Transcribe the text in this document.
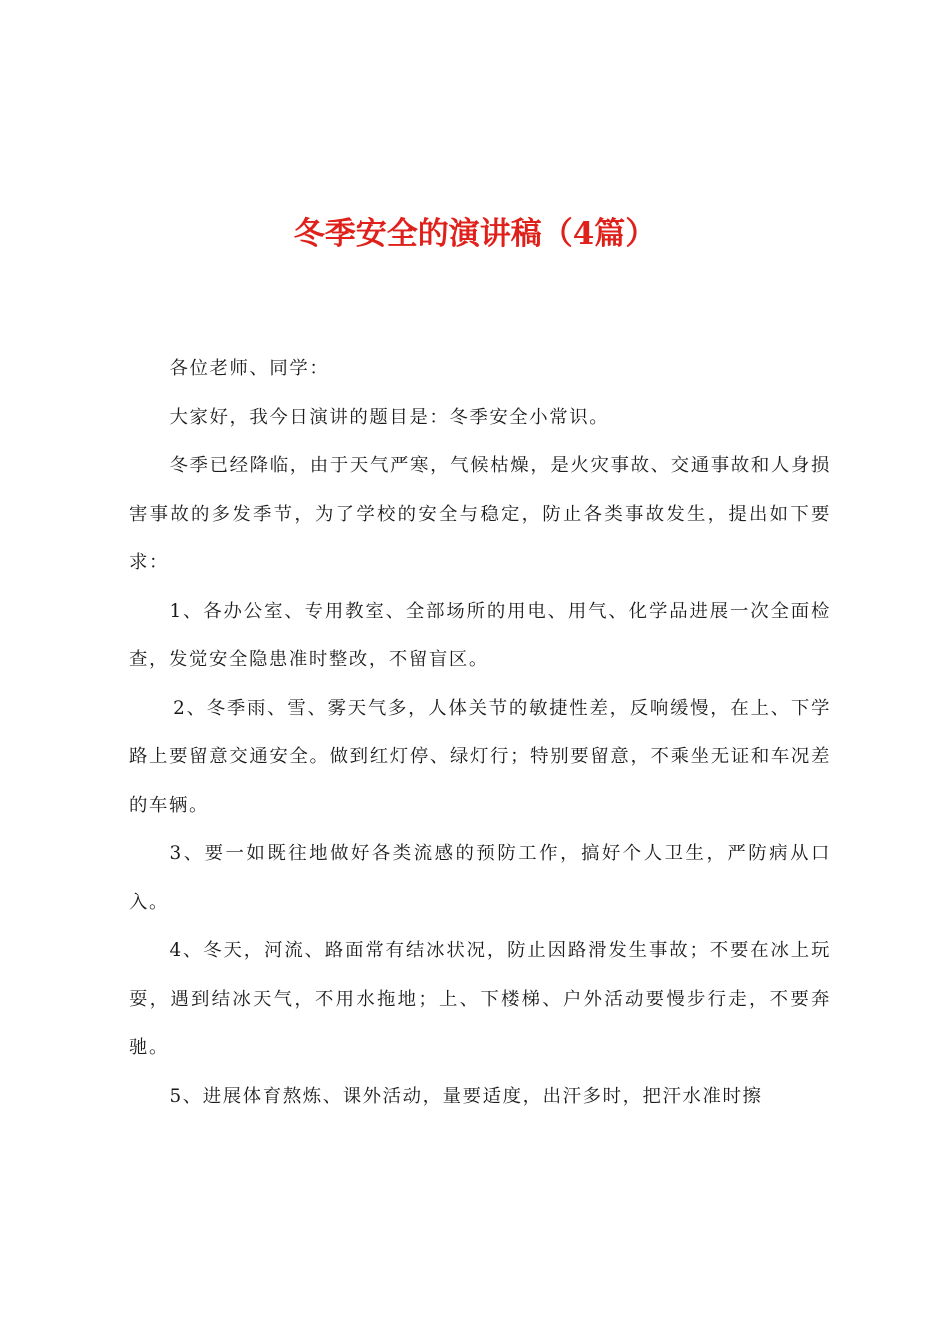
冬季安全的演讲稿（4篇）

各位老师、同学：

大家好，我今日演讲的题目是：冬季安全小常识。

冬季已经降临，由于天气严寒，气候枯燥，是火灾事故、交通事故和人身损害事故的多发季节，为了学校的安全与稳定，防止各类事故发生，提出如下要求：

1、各办公室、专用教室、全部场所的用电、用气、化学品进展一次全面检查，发觉安全隐患准时整改，不留盲区。

2、冬季雨、雪、雾天气多，人体关节的敏捷性差，反响缓慢，在上、下学路上要留意交通安全。做到红灯停、绿灯行；特别要留意，不乘坐无证和车况差的车辆。

3、要一如既往地做好各类流感的预防工作，搞好个人卫生，严防病从口入。

4、冬天，河流、路面常有结冰状况，防止因路滑发生事故；不要在冰上玩耍，遇到结冰天气，不用水拖地；上、下楼梯、户外活动要慢步行走，不要奔驰。

5、进展体育熬炼、课外活动，量要适度，出汗多时，把汗水准时擦
